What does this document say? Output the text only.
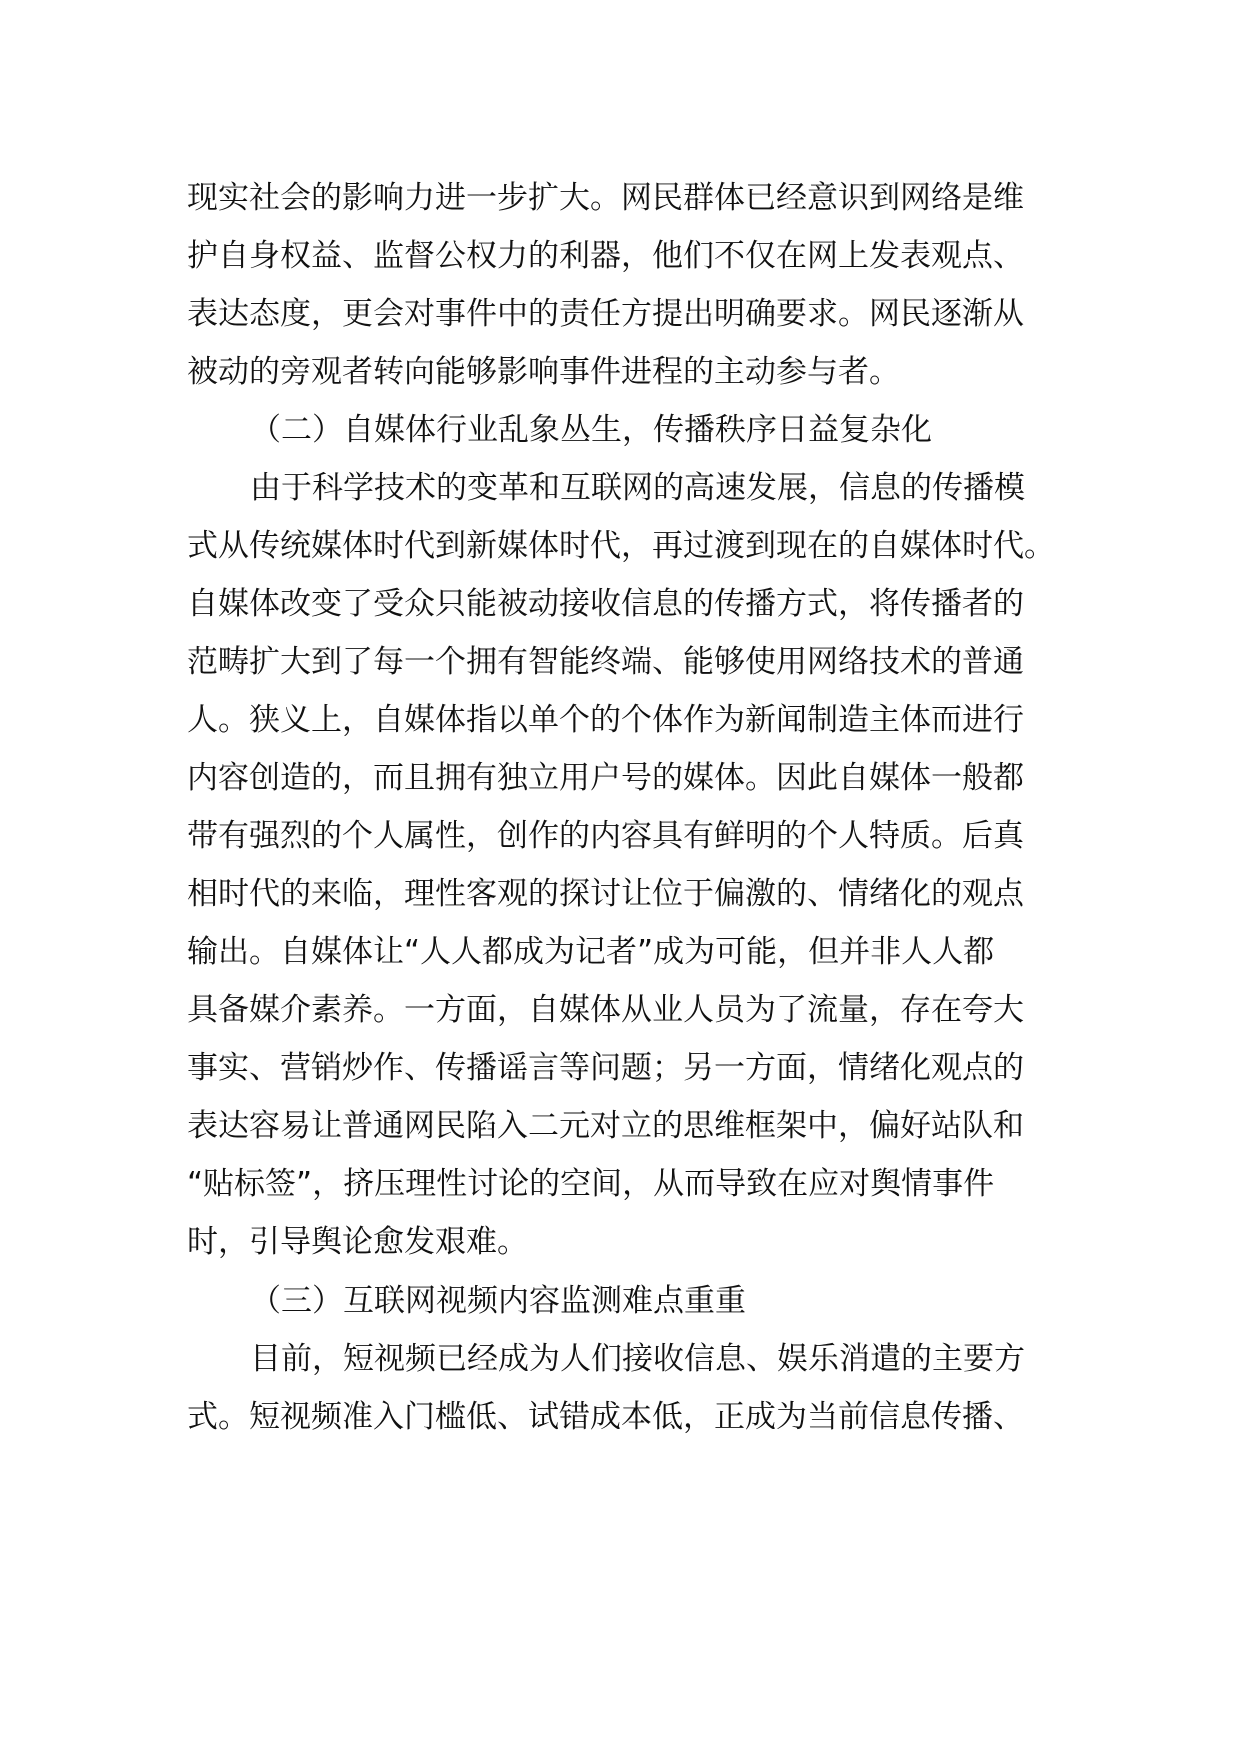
现实社会的影响力进一步扩大。网民群体已经意识到网络是维
护自身权益、监督公权力的利器，他们不仅在网上发表观点、
表达态度，更会对事件中的责任方提出明确要求。网民逐渐从
被动的旁观者转向能够影响事件进程的主动参与者。
（二）自媒体行业乱象丛生，传播秩序日益复杂化
由于科学技术的变革和互联网的高速发展，信息的传播模
式从传统媒体时代到新媒体时代，再过渡到现在的自媒体时代。
自媒体改变了受众只能被动接收信息的传播方式，将传播者的
范畴扩大到了每一个拥有智能终端、能够使用网络技术的普通
人。狭义上，自媒体指以单个的个体作为新闻制造主体而进行
内容创造的，而且拥有独立用户号的媒体。因此自媒体一般都
带有强烈的个人属性，创作的内容具有鲜明的个人特质。后真
相时代的来临，理性客观的探讨让位于偏激的、情绪化的观点
输出。自媒体让“人人都成为记者”成为可能，但并非人人都
具备媒介素养。一方面，自媒体从业人员为了流量，存在夸大
事实、营销炒作、传播谣言等问题；另一方面，情绪化观点的
表达容易让普通网民陷入二元对立的思维框架中，偏好站队和
“贴标签”，挤压理性讨论的空间，从而导致在应对舆情事件
时，引导舆论愈发艰难。
（三）互联网视频内容监测难点重重
目前，短视频已经成为人们接收信息、娱乐消遣的主要方
式。短视频准入门槛低、试错成本低，正成为当前信息传播、
